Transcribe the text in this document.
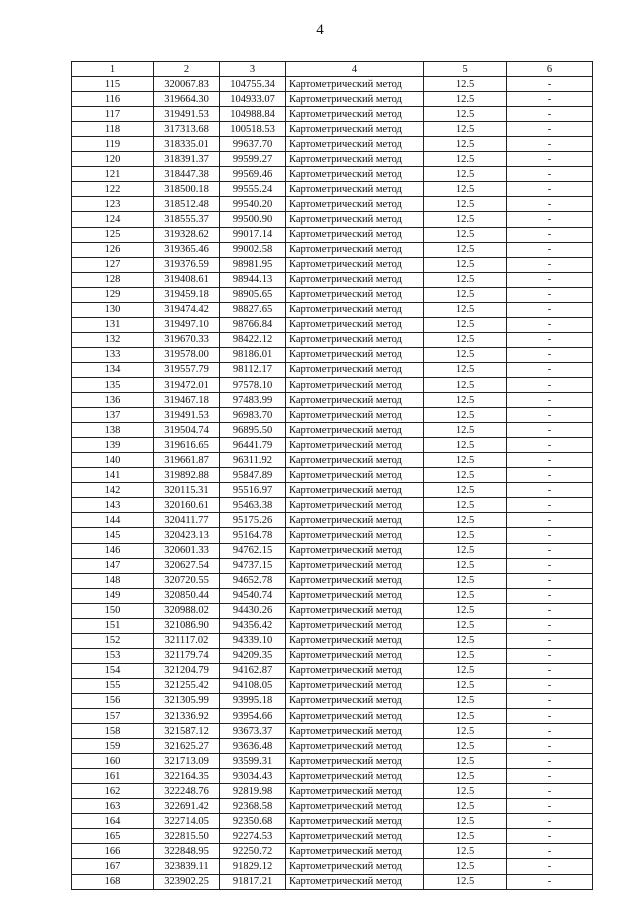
4
1	2	3	4	5	6
115	320067.83	104755.34	Картометрический метод	12.5	-
116	319664.30	104933.07	Картометрический метод	12.5	-
117	319491.53	104988.84	Картометрический метод	12.5	-
118	317313.68	100518.53	Картометрический метод	12.5	-
119	318335.01	99637.70	Картометрический метод	12.5	-
120	318391.37	99599.27	Картометрический метод	12.5	-
121	318447.38	99569.46	Картометрический метод	12.5	-
122	318500.18	99555.24	Картометрический метод	12.5	-
123	318512.48	99540.20	Картометрический метод	12.5	-
124	318555.37	99500.90	Картометрический метод	12.5	-
125	319328.62	99017.14	Картометрический метод	12.5	-
126	319365.46	99002.58	Картометрический метод	12.5	-
127	319376.59	98981.95	Картометрический метод	12.5	-
128	319408.61	98944.13	Картометрический метод	12.5	-
129	319459.18	98905.65	Картометрический метод	12.5	-
130	319474.42	98827.65	Картометрический метод	12.5	-
131	319497.10	98766.84	Картометрический метод	12.5	-
132	319670.33	98422.12	Картометрический метод	12.5	-
133	319578.00	98186.01	Картометрический метод	12.5	-
134	319557.79	98112.17	Картометрический метод	12.5	-
135	319472.01	97578.10	Картометрический метод	12.5	-
136	319467.18	97483.99	Картометрический метод	12.5	-
137	319491.53	96983.70	Картометрический метод	12.5	-
138	319504.74	96895.50	Картометрический метод	12.5	-
139	319616.65	96441.79	Картометрический метод	12.5	-
140	319661.87	96311.92	Картометрический метод	12.5	-
141	319892.88	95847.89	Картометрический метод	12.5	-
142	320115.31	95516.97	Картометрический метод	12.5	-
143	320160.61	95463.38	Картометрический метод	12.5	-
144	320411.77	95175.26	Картометрический метод	12.5	-
145	320423.13	95164.78	Картометрический метод	12.5	-
146	320601.33	94762.15	Картометрический метод	12.5	-
147	320627.54	94737.15	Картометрический метод	12.5	-
148	320720.55	94652.78	Картометрический метод	12.5	-
149	320850.44	94540.74	Картометрический метод	12.5	-
150	320988.02	94430.26	Картометрический метод	12.5	-
151	321086.90	94356.42	Картометрический метод	12.5	-
152	321117.02	94339.10	Картометрический метод	12.5	-
153	321179.74	94209.35	Картометрический метод	12.5	-
154	321204.79	94162.87	Картометрический метод	12.5	-
155	321255.42	94108.05	Картометрический метод	12.5	-
156	321305.99	93995.18	Картометрический метод	12.5	-
157	321336.92	93954.66	Картометрический метод	12.5	-
158	321587.12	93673.37	Картометрический метод	12.5	-
159	321625.27	93636.48	Картометрический метод	12.5	-
160	321713.09	93599.31	Картометрический метод	12.5	-
161	322164.35	93034.43	Картометрический метод	12.5	-
162	322248.76	92819.98	Картометрический метод	12.5	-
163	322691.42	92368.58	Картометрический метод	12.5	-
164	322714.05	92350.68	Картометрический метод	12.5	-
165	322815.50	92274.53	Картометрический метод	12.5	-
166	322848.95	92250.72	Картометрический метод	12.5	-
167	323839.11	91829.12	Картометрический метод	12.5	-
168	323902.25	91817.21	Картометрический метод	12.5	-
